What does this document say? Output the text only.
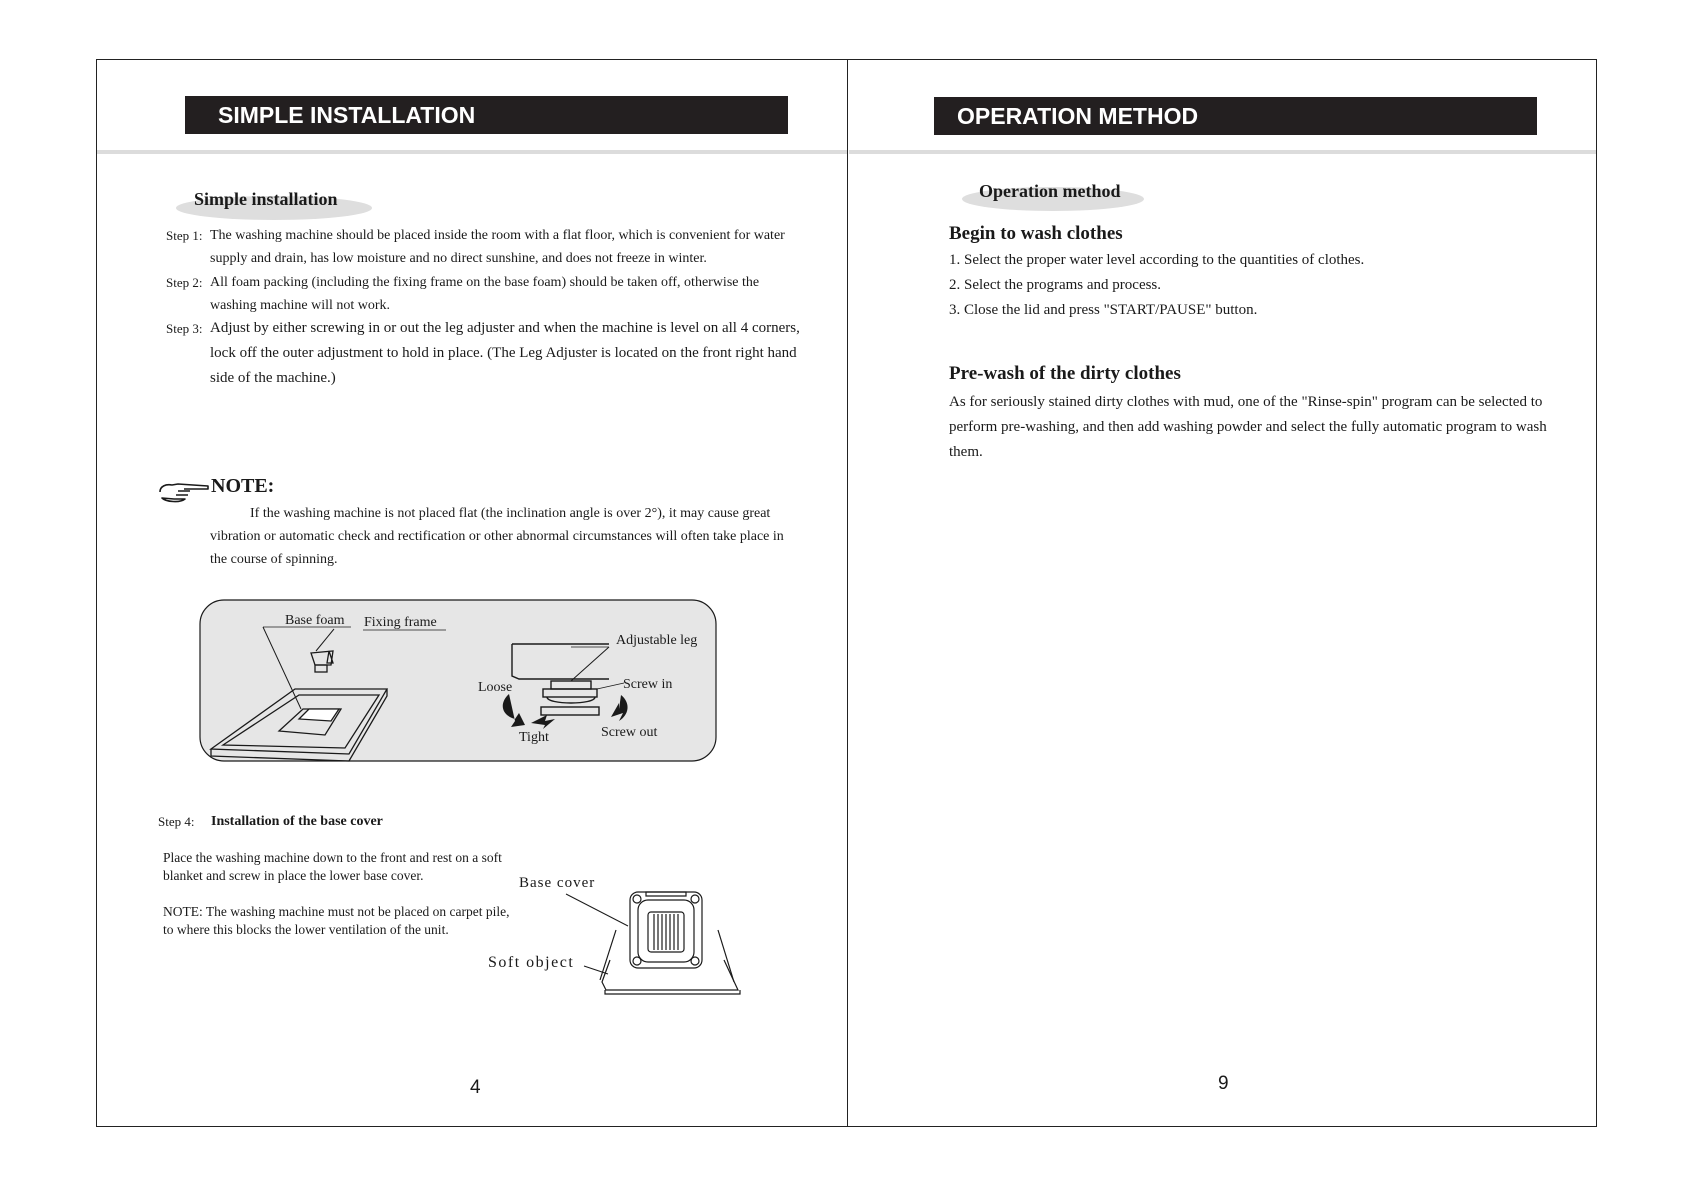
SIMPLE INSTALLATION
Simple installation
Step 1: The washing machine should be placed inside the room with a flat floor, which is convenient for water supply and drain, has low moisture and no direct sunshine, and does not freeze in winter.
Step 2: All foam packing (including the fixing frame on the base foam) should be taken off, otherwise the washing machine will not work.
Step 3: Adjust by either screwing in or out the leg adjuster and when the machine is level on all 4 corners, lock off the outer adjustment to hold in place. (The Leg Adjuster is located on the front right hand side of the machine.)
NOTE:
If the washing machine is not placed flat (the inclination angle is over 2°), it may cause great vibration or automatic check and rectification or other abnormal circumstances will often take place in the course of spinning.
Base foam Fixing frame
Adjustable leg
Loose	Screw in
Tight	Screw out
Step 4: Installation of the base cover
Place the washing machine down to the front and rest on a soft blanket and screw in place the lower base cover.
NOTE: The washing machine must not be placed on carpet pile, to where this blocks the lower ventilation of the unit.
Base cover
Soft object
4
OPERATION METHOD
Operation method
Begin to wash clothes
1. Select the proper water level according to the quantities of clothes.
2. Select the programs and process.
3. Close the lid and press "START/PAUSE" button.
Pre-wash of the dirty clothes
As for seriously stained dirty clothes with mud, one of the "Rinse-spin" program can be selected to perform pre-washing, and then add washing powder and select the fully automatic program to wash them.
9
